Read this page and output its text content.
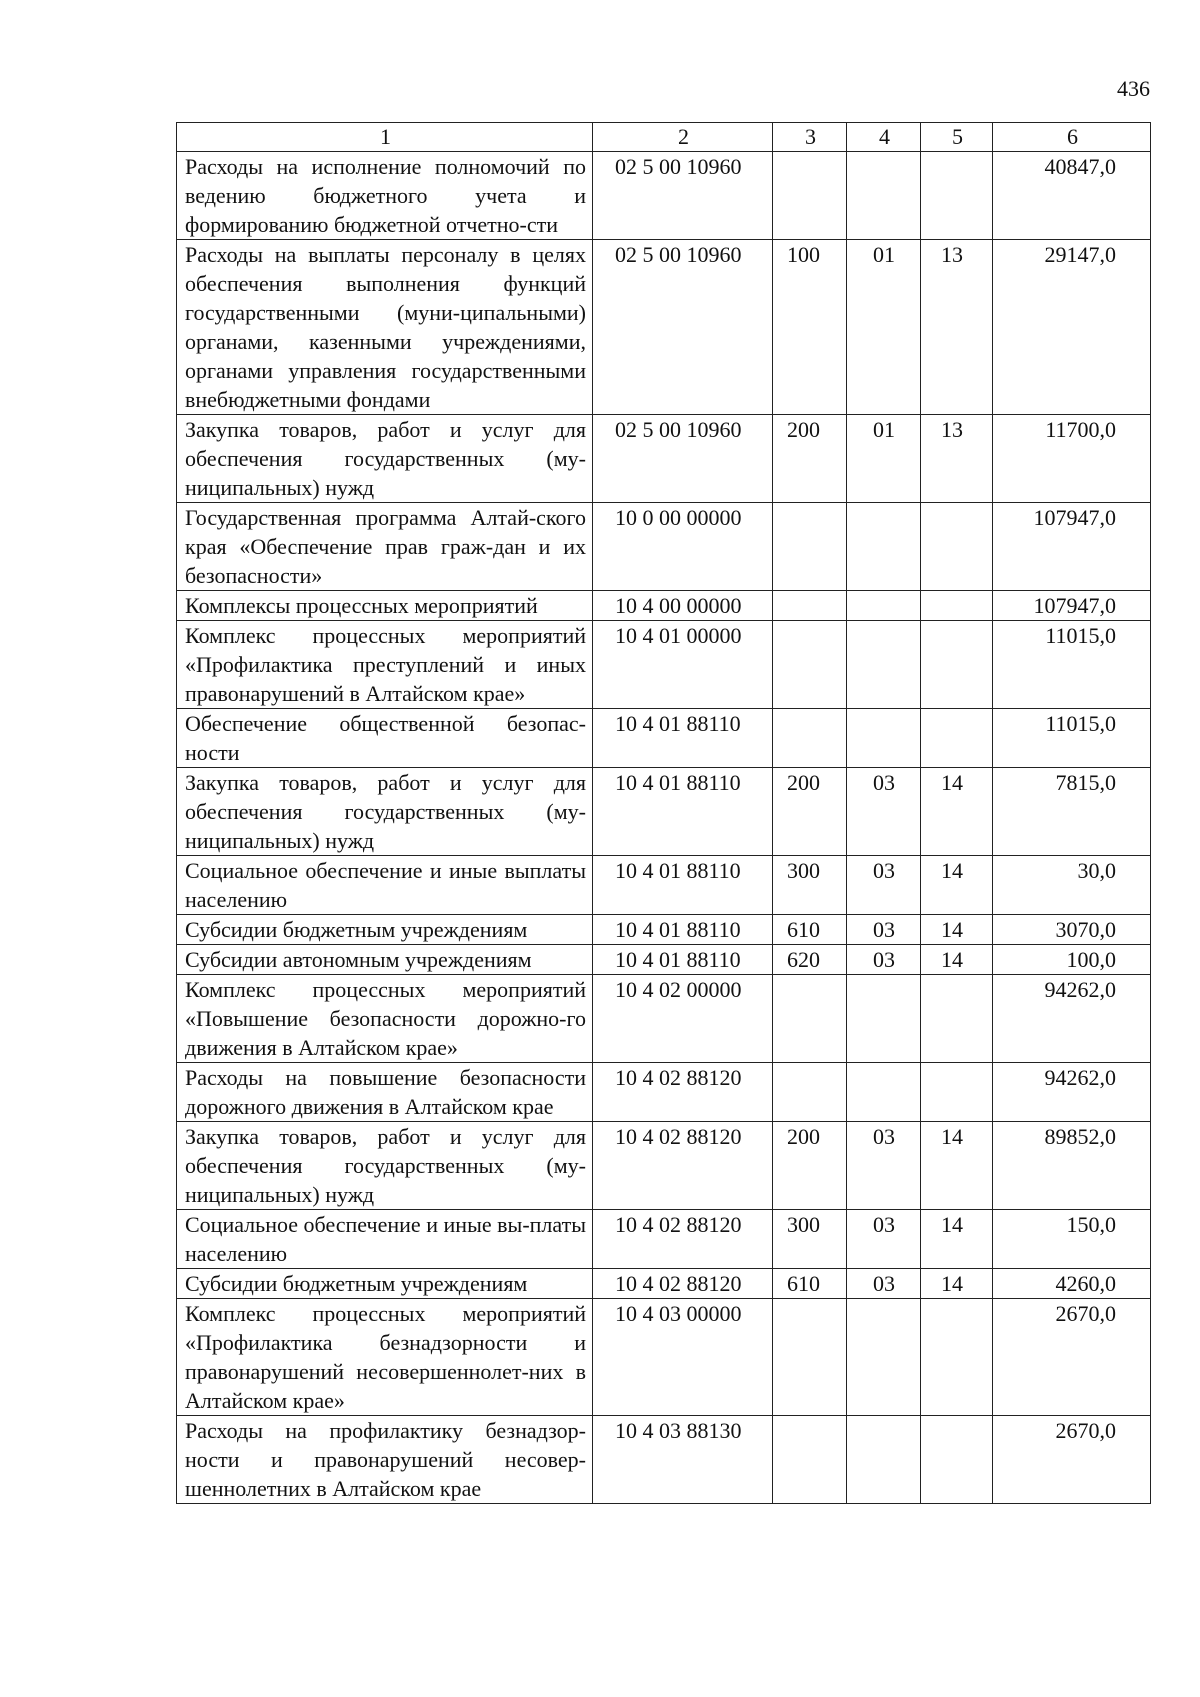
436
1	2	3	4	5	6
Расходы на исполнение полномочий по ведению бюджетного учета и формированию бюджетной отчетно-сти	02 5 00 10960				40847,0
Расходы на выплаты персоналу в целях обеспечения выполнения функций государственными (муни-ципальными) органами, казенными учреждениями, органами управления государственными внебюджетными фондами	02 5 00 10960	100	01	13	29147,0
Закупка товаров, работ и услуг для обеспечения государственных (му-ниципальных) нужд	02 5 00 10960	200	01	13	11700,0
Государственная программа Алтай-ского края «Обеспечение прав граж-дан и их безопасности»	10 0 00 00000				107947,0
Комплексы процессных мероприятий	10 4 00 00000				107947,0
Комплекс процессных мероприятий «Профилактика преступлений и иных правонарушений в Алтайском крае»	10 4 01 00000				11015,0
Обеспечение общественной безопас-ности	10 4 01 88110				11015,0
Закупка товаров, работ и услуг для обеспечения государственных (му-ниципальных) нужд	10 4 01 88110	200	03	14	7815,0
Социальное обеспечение и иные выплаты населению	10 4 01 88110	300	03	14	30,0
Субсидии бюджетным учреждениям	10 4 01 88110	610	03	14	3070,0
Субсидии автономным учреждениям	10 4 01 88110	620	03	14	100,0
Комплекс процессных мероприятий «Повышение безопасности дорожно-го движения в Алтайском крае»	10 4 02 00000				94262,0
Расходы на повышение безопасности дорожного движения в Алтайском крае	10 4 02 88120				94262,0
Закупка товаров, работ и услуг для обеспечения государственных (му-ниципальных) нужд	10 4 02 88120	200	03	14	89852,0
Социальное обеспечение и иные вы-платы населению	10 4 02 88120	300	03	14	150,0
Субсидии бюджетным учреждениям	10 4 02 88120	610	03	14	4260,0
Комплекс процессных мероприятий «Профилактика безнадзорности и правонарушений несовершеннолет-них в Алтайском крае»	10 4 03 00000				2670,0
Расходы на профилактику безнадзор-ности и правонарушений несовер-шеннолетних в Алтайском крае	10 4 03 88130				2670,0
